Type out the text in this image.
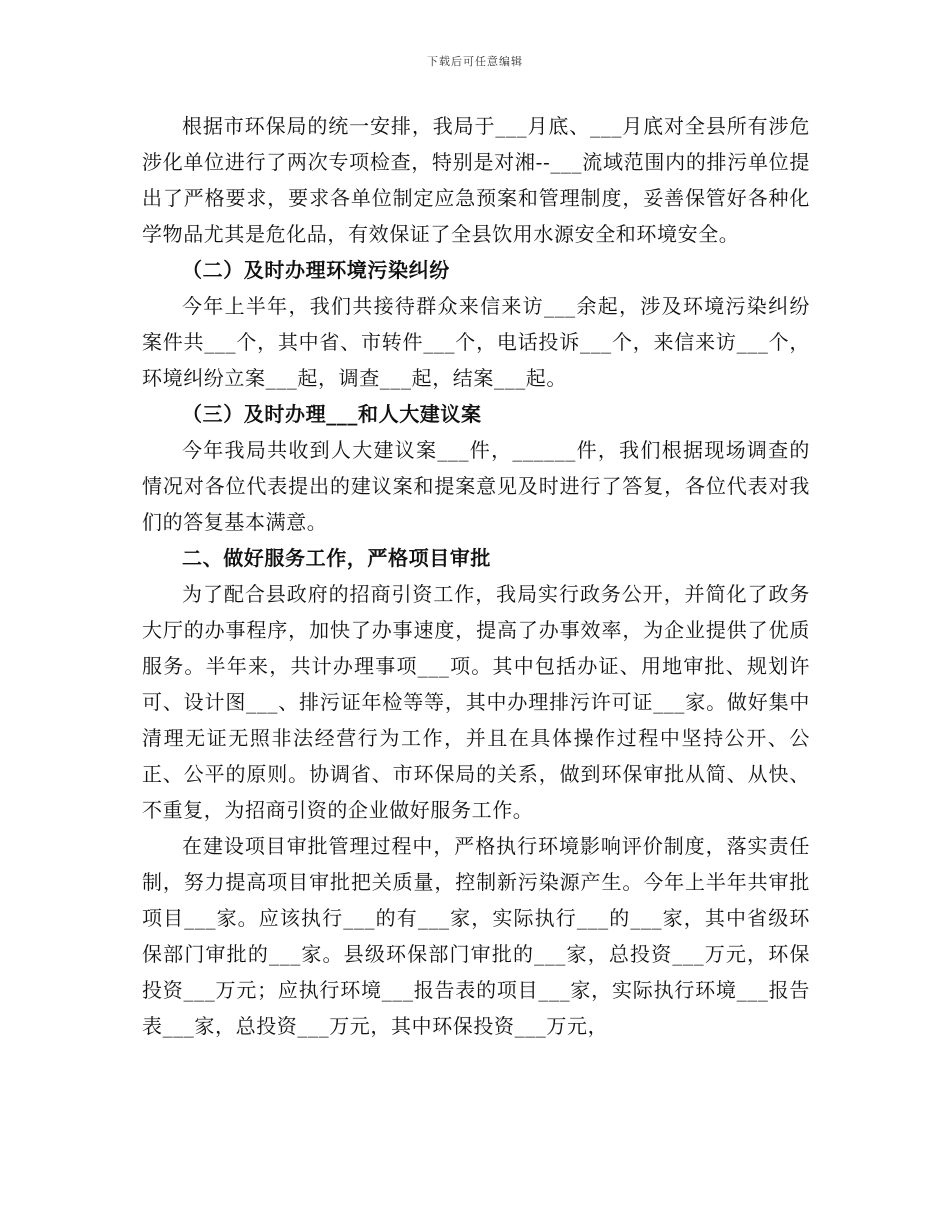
下载后可任意编辑

根据市环保局的统一安排，我局于___月底、___月底对全县所有涉危涉化单位进行了两次专项检查，特别是对湘--___流域范围内的排污单位提出了严格要求，要求各单位制定应急预案和管理制度，妥善保管好各种化学物品尤其是危化品，有效保证了全县饮用水源安全和环境安全。

（二）及时办理环境污染纠纷

今年上半年，我们共接待群众来信来访___余起，涉及环境污染纠纷案件共___个，其中省、市转件___个，电话投诉___个，来信来访___个，环境纠纷立案___起，调查___起，结案___起。

（三）及时办理___和人大建议案

今年我局共收到人大建议案___件，______件，我们根据现场调查的情况对各位代表提出的建议案和提案意见及时进行了答复，各位代表对我们的答复基本满意。

二、做好服务工作，严格项目审批

为了配合县政府的招商引资工作，我局实行政务公开，并简化了政务大厅的办事程序，加快了办事速度，提高了办事效率，为企业提供了优质服务。半年来，共计办理事项___项。其中包括办证、用地审批、规划许可、设计图___、排污证年检等等，其中办理排污许可证___家。做好集中清理无证无照非法经营行为工作，并且在具体操作过程中坚持公开、公正、公平的原则。协调省、市环保局的关系，做到环保审批从简、从快、不重复，为招商引资的企业做好服务工作。

在建设项目审批管理过程中，严格执行环境影响评价制度，落实责任制，努力提高项目审批把关质量，控制新污染源产生。今年上半年共审批项目___家。应该执行___的有___家，实际执行___的___家，其中省级环保部门审批的___家。县级环保部门审批的___家，总投资___万元，环保投资___万元；应执行环境___报告表的项目___家，实际执行环境___报告表___家，总投资___万元，其中环保投资___万元，
